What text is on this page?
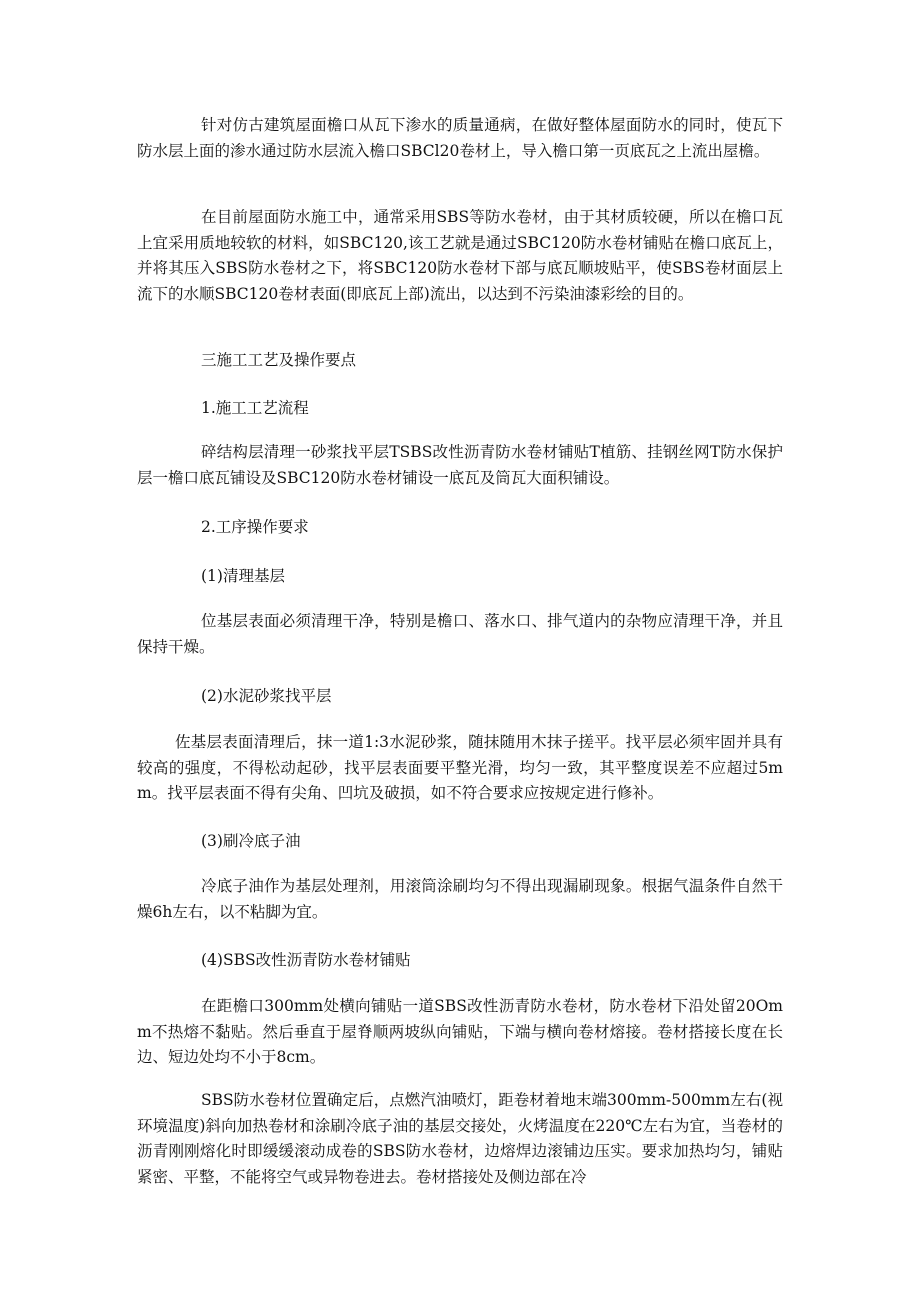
针对仿古建筑屋面檐口从瓦下渗水的质量通病，在做好整体屋面防水的同时，使瓦下防水层上面的渗水通过防水层流入檐口SBCl20卷材上，导入檐口第一页底瓦之上流出屋檐。

在目前屋面防水施工中，通常采用SBS等防水卷材，由于其材质较硬，所以在檐口瓦上宜采用质地较软的材料，如SBC120,该工艺就是通过SBC120防水卷材铺贴在檐口底瓦上，并将其压入SBS防水卷材之下，将SBC120防水卷材下部与底瓦顺坡贴平，使SBS卷材面层上流下的水顺SBC120卷材表面(即底瓦上部)流出，以达到不污染油漆彩绘的目的。

三施工工艺及操作要点

1.施工工艺流程

碎结构层清理一砂浆找平层TSBS改性沥青防水卷材铺贴T植筋、挂钢丝网T防水保护层一檐口底瓦铺设及SBC120防水卷材铺设一底瓦及筒瓦大面积铺设。

2.工序操作要求

(1)清理基层

位基层表面必须清理干净，特别是檐口、落水口、排气道内的杂物应清理干净，并且保持干燥。

(2)水泥砂浆找平层

佐基层表面清理后，抹一道1:3水泥砂浆，随抹随用木抹子搓平。找平层必须牢固并具有较高的强度，不得松动起砂，找平层表面要平整光滑，均匀一致，其平整度误差不应超过5mm。找平层表面不得有尖角、凹坑及破损，如不符合要求应按规定进行修补。

(3)刷冷底子油

冷底子油作为基层处理剂，用滚筒涂刷均匀不得出现漏刷现象。根据气温条件自然干燥6h左右，以不粘脚为宜。

(4)SBS改性沥青防水卷材铺贴

在距檐口300mm处横向铺贴一道SBS改性沥青防水卷材，防水卷材下沿处留20Omm不热熔不黏贴。然后垂直于屋脊顺两坡纵向铺贴，下端与横向卷材熔接。卷材搭接长度在长边、短边处均不小于8cm。

SBS防水卷材位置确定后，点燃汽油喷灯，距卷材着地末端300mm-500mm左右(视环境温度)斜向加热卷材和涂刷冷底子油的基层交接处，火烤温度在220℃左右为宜，当卷材的沥青刚刚熔化时即缓缓滚动成卷的SBS防水卷材，边熔焊边滚铺边压实。要求加热均匀，铺贴紧密、平整，不能将空气或异物卷进去。卷材搭接处及侧边部在冷
